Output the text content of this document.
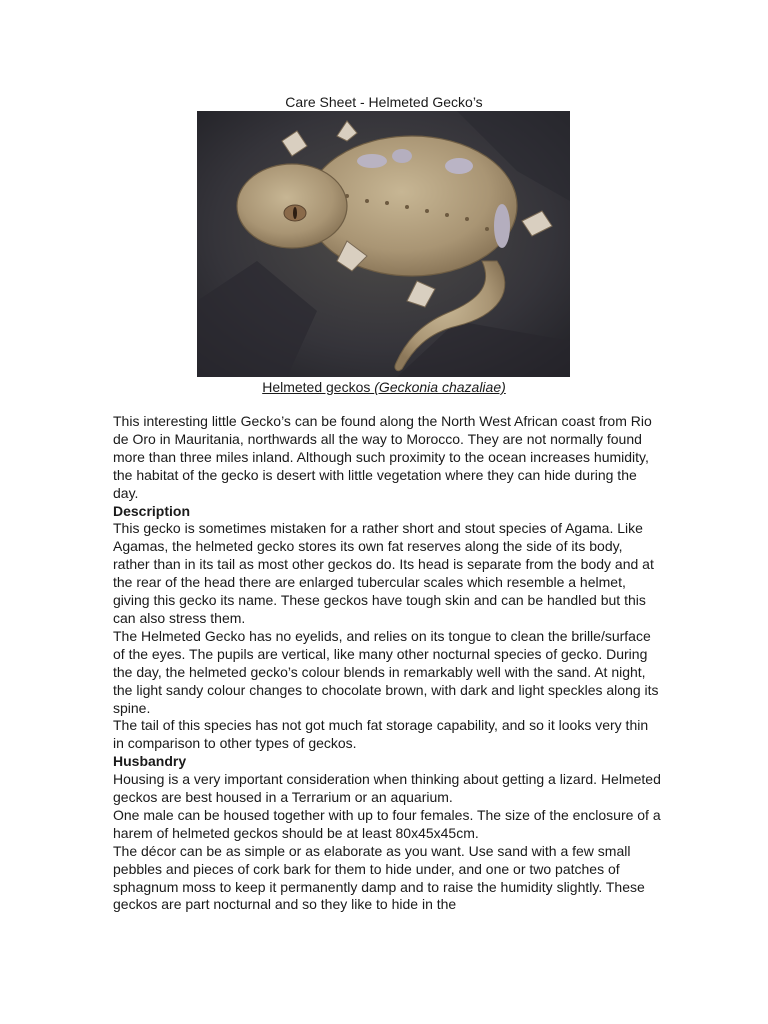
Care Sheet - Helmeted Gecko’s
Helmeted geckos (Geckonia chazaliae)

This interesting little Gecko’s can be found along the North West African coast from Rio de Oro in Mauritania, northwards all the way to Morocco. They are not normally found more than three miles inland. Although such proximity to the ocean increases humidity, the habitat of the gecko is desert with little vegetation where they can hide during the day.

Description

This gecko is sometimes mistaken for a rather short and stout species of Agama. Like Agamas, the helmeted gecko stores its own fat reserves along the side of its body, rather than in its tail as most other geckos do. Its head is separate from the body and at the rear of the head there are enlarged tubercular scales which resemble a helmet, giving this gecko its name. These geckos have tough skin and can be handled but this can also stress them.

The Helmeted Gecko has no eyelids, and relies on its tongue to clean the brille/surface of the eyes. The pupils are vertical, like many other nocturnal species of gecko. During the day, the helmeted gecko’s colour blends in remarkably well with the sand. At night, the light sandy colour changes to chocolate brown, with dark and light speckles along its spine.

The tail of this species has not got much fat storage capability, and so it looks very thin in comparison to other types of geckos.

Husbandry

Housing is a very important consideration when thinking about getting a lizard. Helmeted geckos are best housed in a Terrarium or an aquarium.

One male can be housed together with up to four females. The size of the enclosure of a harem of helmeted geckos should be at least 80x45x45cm.

The décor can be as simple or as elaborate as you want. Use sand with a few small pebbles and pieces of cork bark for them to hide under, and one or two patches of sphagnum moss to keep it permanently damp and to raise the humidity slightly. These geckos are part nocturnal and so they like to hide in the
